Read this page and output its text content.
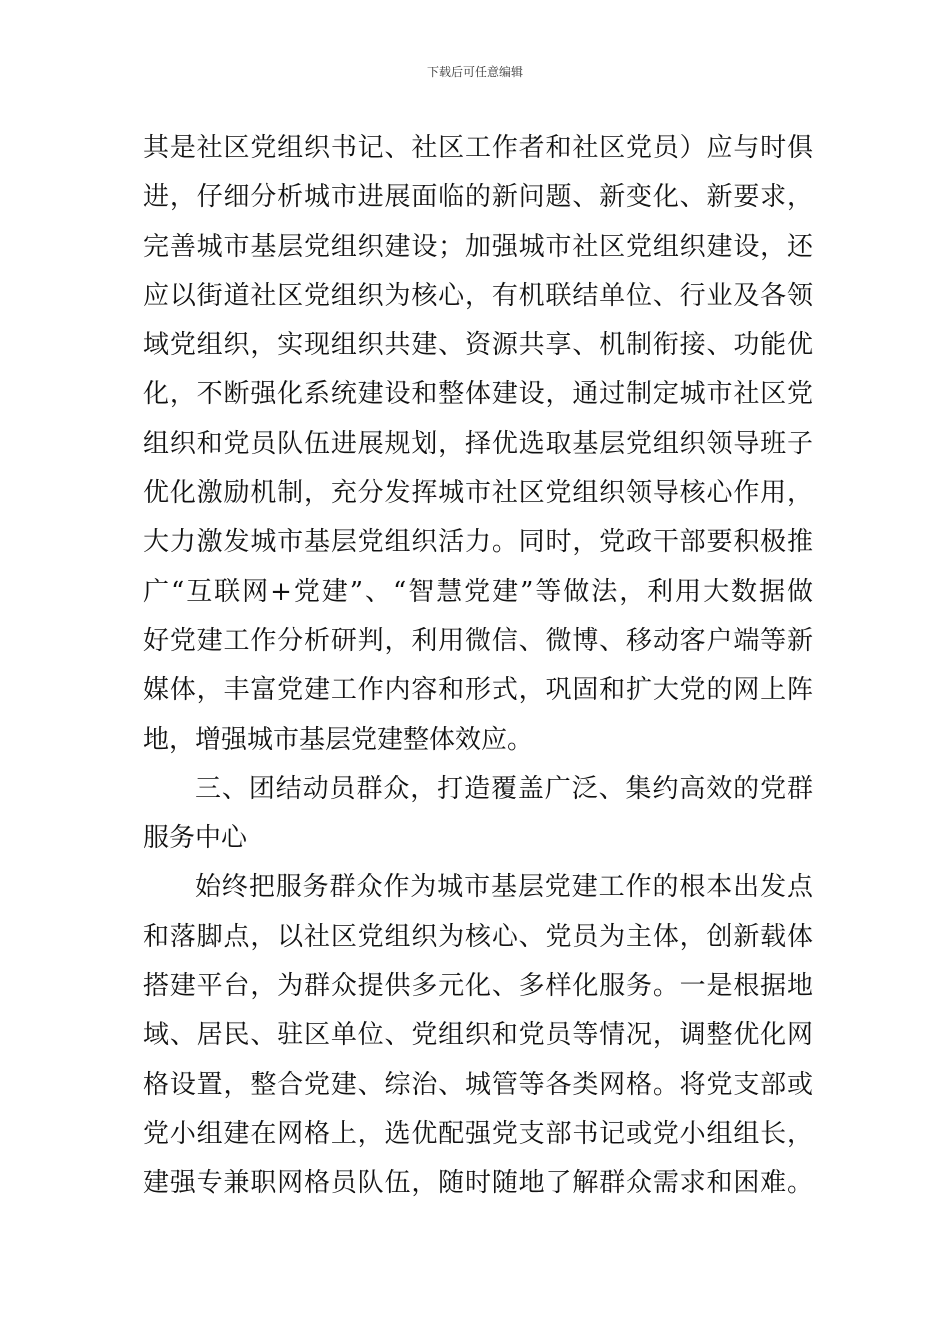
下载后可任意编辑
其是社区党组织书记、社区工作者和社区党员）应与时俱
进，仔细分析城市进展面临的新问题、新变化、新要求，
完善城市基层党组织建设；加强城市社区党组织建设，还
应以街道社区党组织为核心，有机联结单位、行业及各领
域党组织，实现组织共建、资源共享、机制衔接、功能优
化，不断强化系统建设和整体建设，通过制定城市社区党
组织和党员队伍进展规划，择优选取基层党组织领导班子
优化激励机制，充分发挥城市社区党组织领导核心作用，
大力激发城市基层党组织活力。同时，党政干部要积极推
广“互联网+党建”、“智慧党建”等做法，利用大数据做
好党建工作分析研判，利用微信、微博、移动客户端等新
媒体，丰富党建工作内容和形式，巩固和扩大党的网上阵
地，增强城市基层党建整体效应。
三、团结动员群众，打造覆盖广泛、集约高效的党群
服务中心
始终把服务群众作为城市基层党建工作的根本出发点
和落脚点，以社区党组织为核心、党员为主体，创新载体
搭建平台，为群众提供多元化、多样化服务。一是根据地
域、居民、驻区单位、党组织和党员等情况，调整优化网
格设置，整合党建、综治、城管等各类网格。将党支部或
党小组建在网格上，选优配强党支部书记或党小组组长，
建强专兼职网格员队伍，随时随地了解群众需求和困难。
